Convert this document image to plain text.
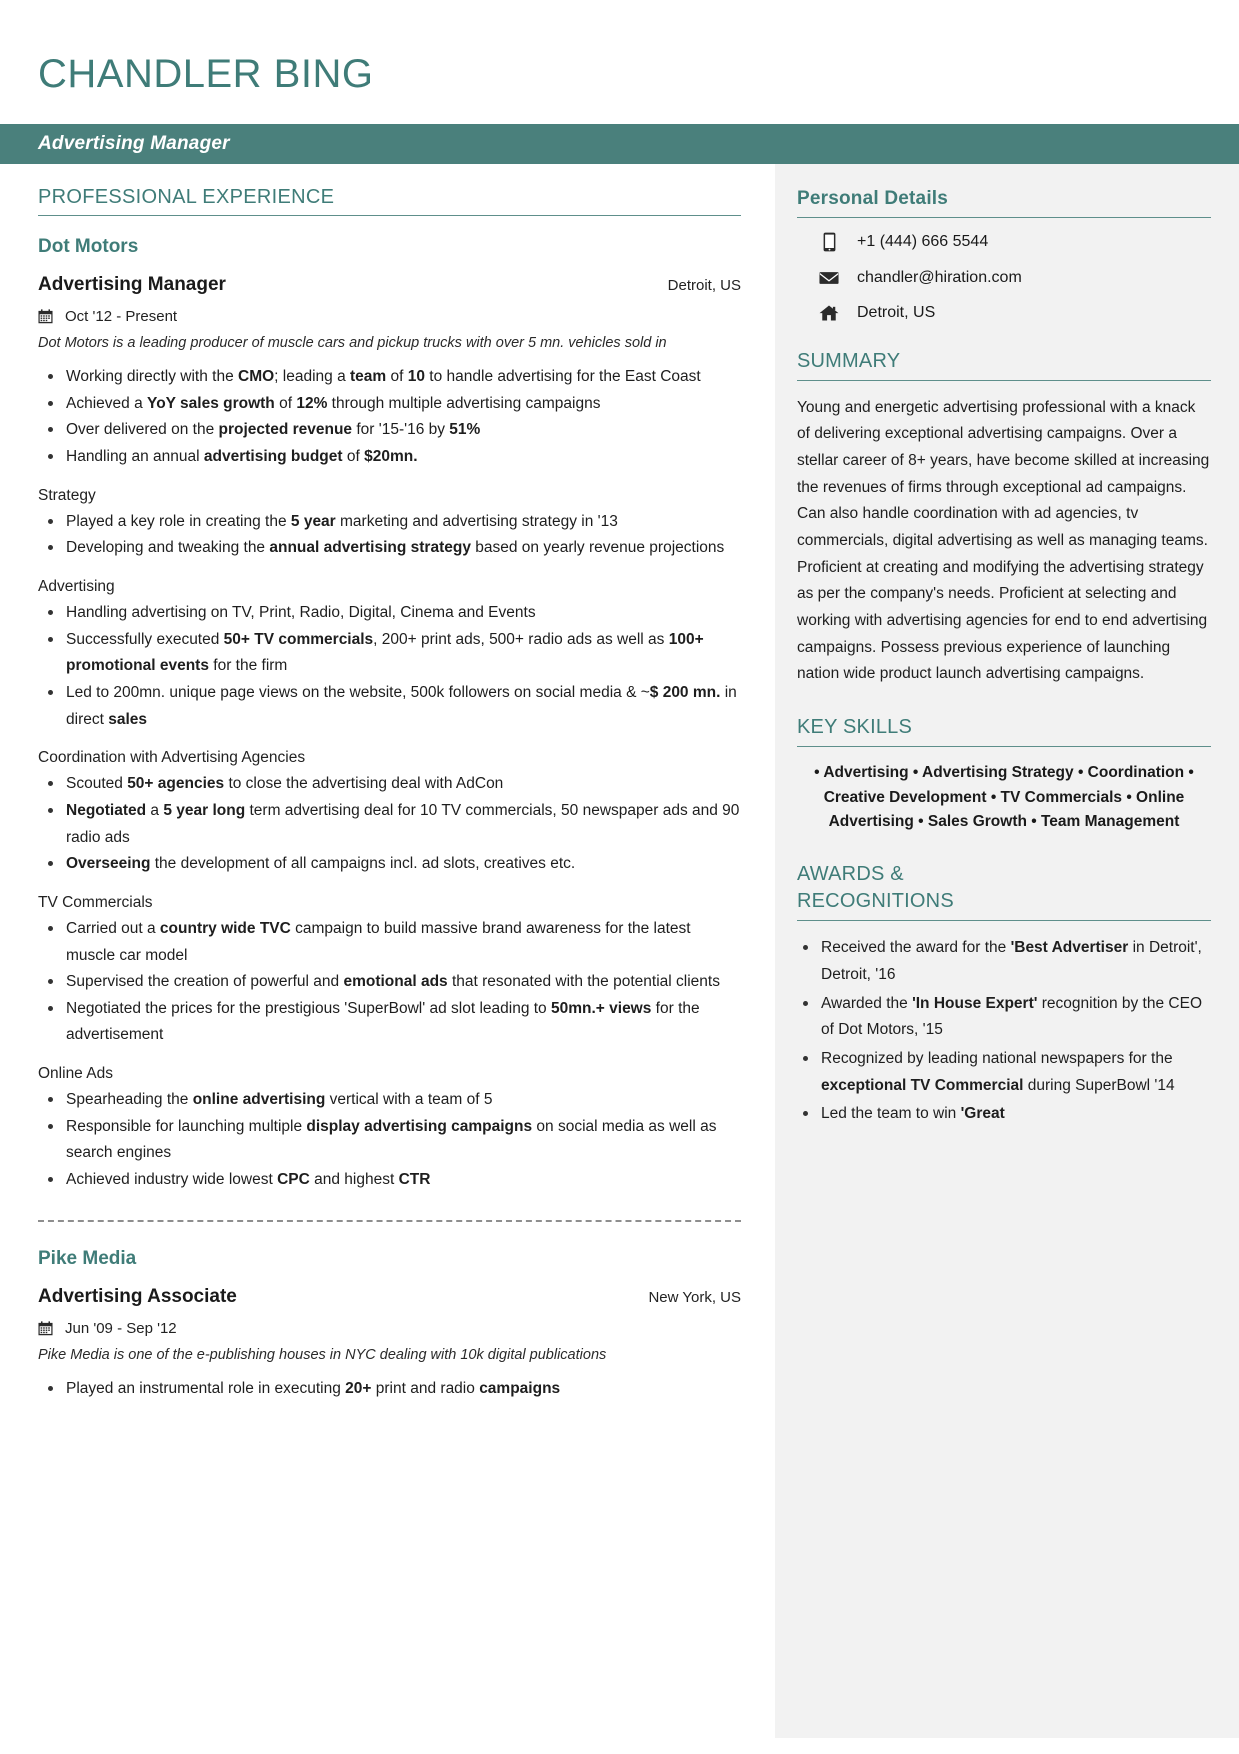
CHANDLER BING
Advertising Manager
PROFESSIONAL EXPERIENCE
Dot Motors
Advertising Manager	Detroit, US
Oct '12 - Present
Dot Motors is a leading producer of muscle cars and pickup trucks with over 5 mn. vehicles sold in
Working directly with the CMO; leading a team of 10 to handle advertising for the East Coast
Achieved a YoY sales growth of 12% through multiple advertising campaigns
Over delivered on the projected revenue for '15-'16 by 51%
Handling an annual advertising budget of $20mn.
Strategy
Played a key role in creating the 5 year marketing and advertising strategy in '13
Developing and tweaking the annual advertising strategy based on yearly revenue projections
Advertising
Handling advertising on TV, Print, Radio, Digital, Cinema and Events
Successfully executed 50+ TV commercials, 200+ print ads, 500+ radio ads as well as 100+ promotional events for the firm
Led to 200mn. unique page views on the website, 500k followers on social media & ~$ 200 mn. in direct sales
Coordination with Advertising Agencies
Scouted 50+ agencies to close the advertising deal with AdCon
Negotiated a 5 year long term advertising deal for 10 TV commercials, 50 newspaper ads and 90 radio ads
Overseeing the development of all campaigns incl. ad slots, creatives etc.
TV Commercials
Carried out a country wide TVC campaign to build massive brand awareness for the latest muscle car model
Supervised the creation of powerful and emotional ads that resonated with the potential clients
Negotiated the prices for the prestigious 'SuperBowl' ad slot leading to 50mn.+ views for the advertisement
Online Ads
Spearheading the online advertising vertical with a team of 5
Responsible for launching multiple display advertising campaigns on social media as well as search engines
Achieved industry wide lowest CPC and highest CTR
Pike Media
Advertising Associate	New York, US
Jun '09 - Sep '12
Pike Media is one of the e-publishing houses in NYC dealing with 10k digital publications
Played an instrumental role in executing 20+ print and radio campaigns
Personal Details
+1 (444) 666 5544
chandler@hiration.com
Detroit, US
SUMMARY
Young and energetic advertising professional with a knack of delivering exceptional advertising campaigns. Over a stellar career of 8+ years, have become skilled at increasing the revenues of firms through exceptional ad campaigns. Can also handle coordination with ad agencies, tv commercials, digital advertising as well as managing teams. Proficient at creating and modifying the advertising strategy as per the company's needs. Proficient at selecting and working with advertising agencies for end to end advertising campaigns. Possess previous experience of launching nation wide product launch advertising campaigns.
KEY SKILLS
• Advertising • Advertising Strategy • Coordination • Creative Development • TV Commercials • Online Advertising • Sales Growth • Team Management
AWARDS &
RECOGNITIONS
Received the award for the 'Best Advertiser in Detroit', Detroit, '16
Awarded the 'In House Expert' recognition by the CEO of Dot Motors, '15
Recognized by leading national newspapers for the exceptional TV Commercial during SuperBowl '14
Led the team to win 'Great
